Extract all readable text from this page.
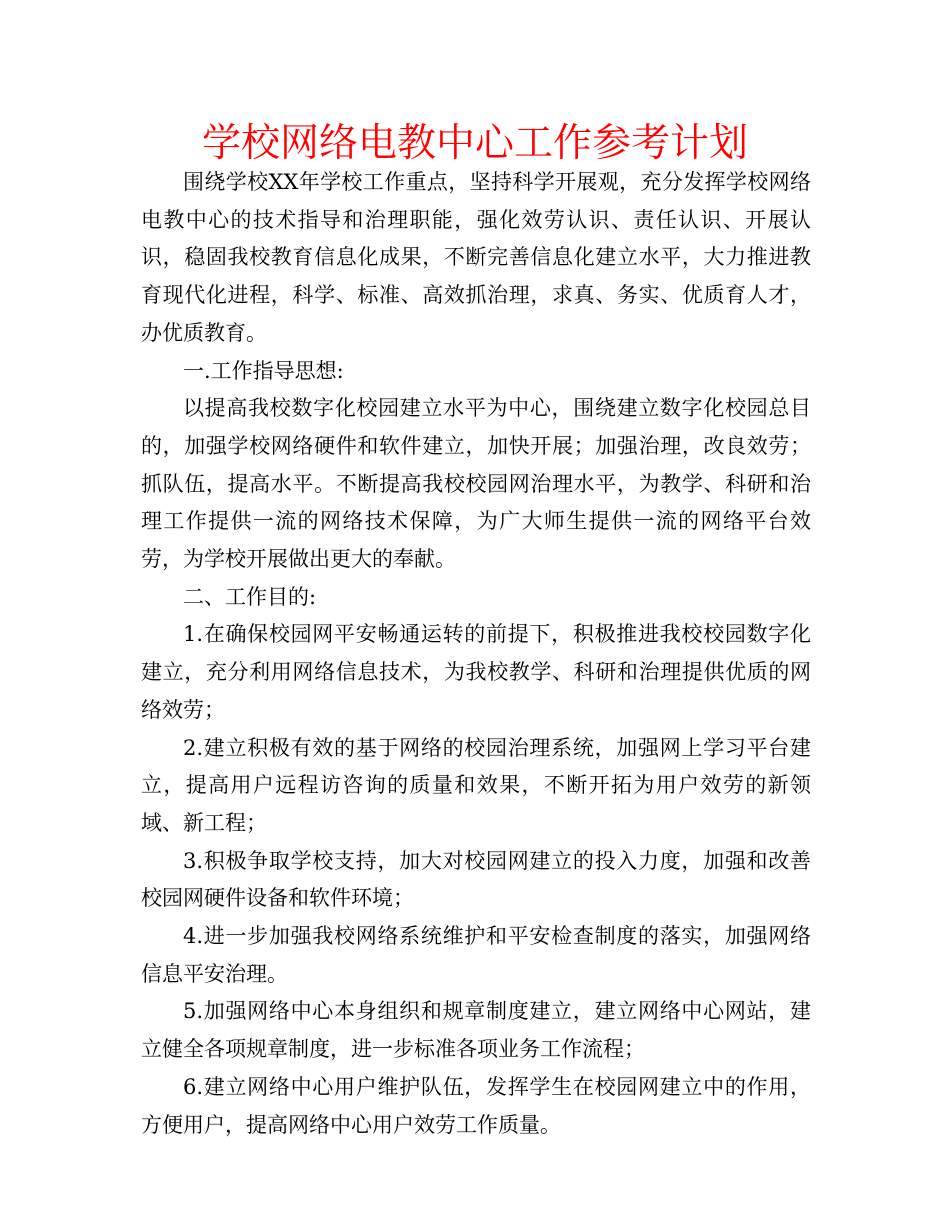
学校网络电教中心工作参考计划

围绕学校XX年学校工作重点，坚持科学开展观，充分发挥学校网络电教中心的技术指导和治理职能，强化效劳认识、责任认识、开展认识，稳固我校教育信息化成果，不断完善信息化建立水平，大力推进教育现代化进程，科学、标准、高效抓治理，求真、务实、优质育人才，办优质教育。

一.工作指导思想:

以提高我校数字化校园建立水平为中心，围绕建立数字化校园总目的，加强学校网络硬件和软件建立，加快开展；加强治理，改良效劳；抓队伍，提高水平。不断提高我校校园网治理水平，为教学、科研和治理工作提供一流的网络技术保障，为广大师生提供一流的网络平台效劳，为学校开展做出更大的奉献。

二、工作目的:

1.在确保校园网平安畅通运转的前提下，积极推进我校校园数字化建立，充分利用网络信息技术，为我校教学、科研和治理提供优质的网络效劳；

2.建立积极有效的基于网络的校园治理系统，加强网上学习平台建立，提高用户远程访咨询的质量和效果，不断开拓为用户效劳的新领域、新工程；

3.积极争取学校支持，加大对校园网建立的投入力度，加强和改善校园网硬件设备和软件环境；

4.进一步加强我校网络系统维护和平安检查制度的落实，加强网络信息平安治理。

5.加强网络中心本身组织和规章制度建立，建立网络中心网站，建立健全各项规章制度，进一步标准各项业务工作流程；

6.建立网络中心用户维护队伍，发挥学生在校园网建立中的作用，方便用户，提高网络中心用户效劳工作质量。
